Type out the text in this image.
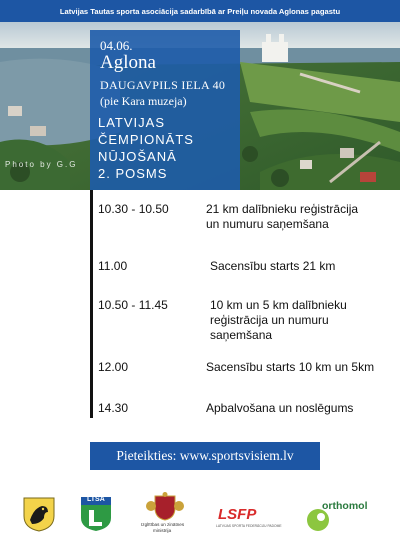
Latvijas Tautas sporta asociācija sadarbībā ar Preiļu novada Aglonas pagastu
Photo by G.G
04.06.
Aglona
DAUGAVPILS IELA 40
(pie Kara muzeja)
LATVIJAS
ČEMPIONĀTS
NŪJOŠANĀ
2. POSMS
10.30 - 10.50	21 km dalībnieku reģistrācija
un numuru saņemšana
11.00	Sacensību starts 21 km
10.50 - 11.45	10 km un 5 km dalībnieku
reģistrācija un numuru
saņemšana
12.00	Sacensību starts 10 km un 5km
14.30	Apbalvošana un noslēgums
Pieteikties: www.sportsvisiem.lv
LTSA
Izglītības un zinātnes
ministrija
LSFP
LATVIJAS SPORTA FEDERĀCIJU PADOME
orthomol
